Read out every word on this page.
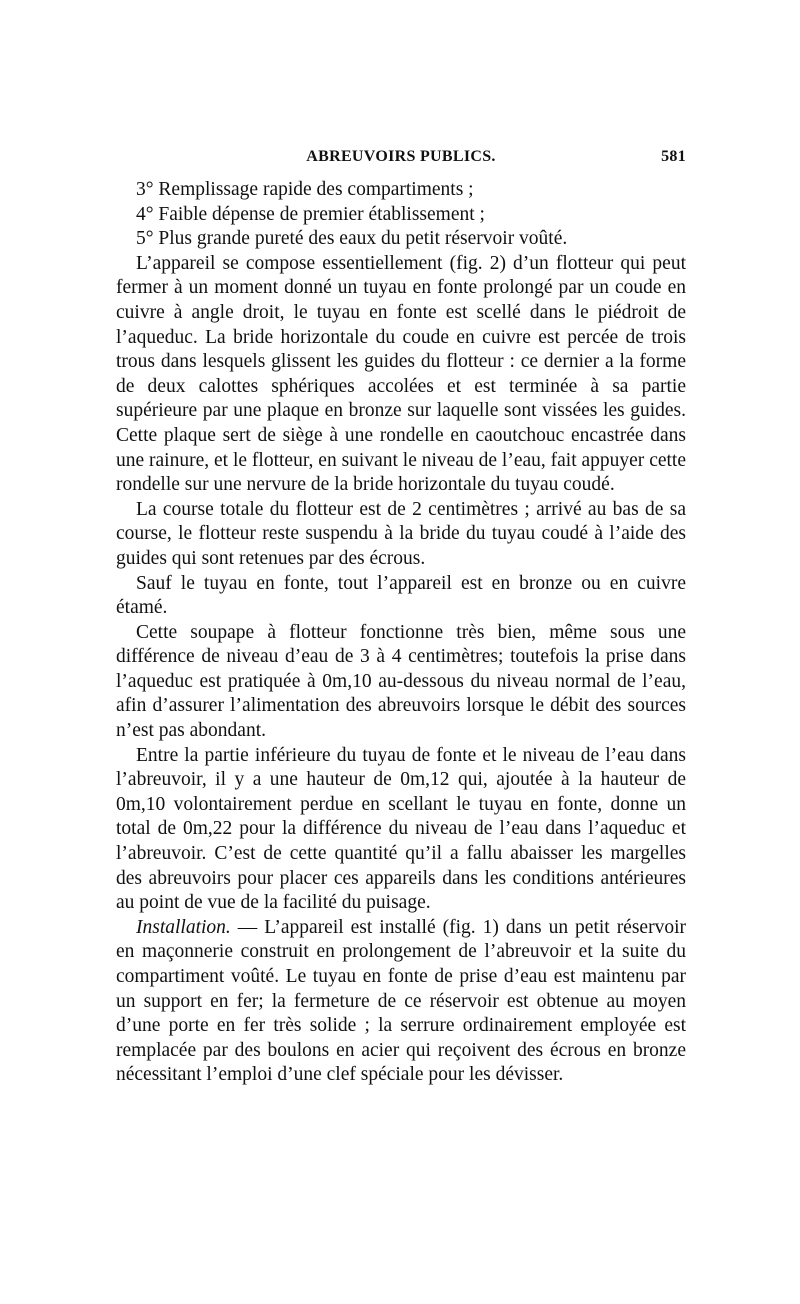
ABREUVOIRS PUBLICS.	581

3° Remplissage rapide des compartiments ;

4° Faible dépense de premier établissement ;

5° Plus grande pureté des eaux du petit réservoir voûté.

L’appareil se compose essentiellement (fig. 2) d’un flotteur qui peut fermer à un moment donné un tuyau en fonte prolongé par un coude en cuivre à angle droit, le tuyau en fonte est scellé dans le piédroit de l’aqueduc. La bride horizontale du coude en cuivre est percée de trois trous dans lesquels glissent les guides du flotteur : ce dernier a la forme de deux calottes sphériques accolées et est terminée à sa partie supérieure par une plaque en bronze sur laquelle sont vissées les guides. Cette plaque sert de siège à une rondelle en caoutchouc encastrée dans une rainure, et le flotteur, en suivant le niveau de l’eau, fait appuyer cette rondelle sur une nervure de la bride horizontale du tuyau coudé.

La course totale du flotteur est de 2 centimètres ; arrivé au bas de sa course, le flotteur reste suspendu à la bride du tuyau coudé à l’aide des guides qui sont retenues par des écrous.

Sauf le tuyau en fonte, tout l’appareil est en bronze ou en cuivre étamé.

Cette soupape à flotteur fonctionne très bien, même sous une différence de niveau d’eau de 3 à 4 centimètres; toutefois la prise dans l’aqueduc est pratiquée à 0m,10 au-dessous du niveau normal de l’eau, afin d’assurer l’alimentation des abreuvoirs lorsque le débit des sources n’est pas abondant.

Entre la partie inférieure du tuyau de fonte et le niveau de l’eau dans l’abreuvoir, il y a une hauteur de 0m,12 qui, ajoutée à la hauteur de 0m,10 volontairement perdue en scellant le tuyau en fonte, donne un total de 0m,22 pour la différence du niveau de l’eau dans l’aqueduc et l’abreuvoir. C’est de cette quantité qu’il a fallu abaisser les margelles des abreuvoirs pour placer ces appareils dans les conditions antérieures au point de vue de la facilité du puisage.

Installation. — L’appareil est installé (fig. 1) dans un petit réservoir en maçonnerie construit en prolongement de l’abreuvoir et la suite du compartiment voûté. Le tuyau en fonte de prise d’eau est maintenu par un support en fer; la fermeture de ce réservoir est obtenue au moyen d’une porte en fer très solide ; la serrure ordinairement employée est remplacée par des boulons en acier qui reçoivent des écrous en bronze nécessitant l’emploi d’une clef spéciale pour les dévisser.
